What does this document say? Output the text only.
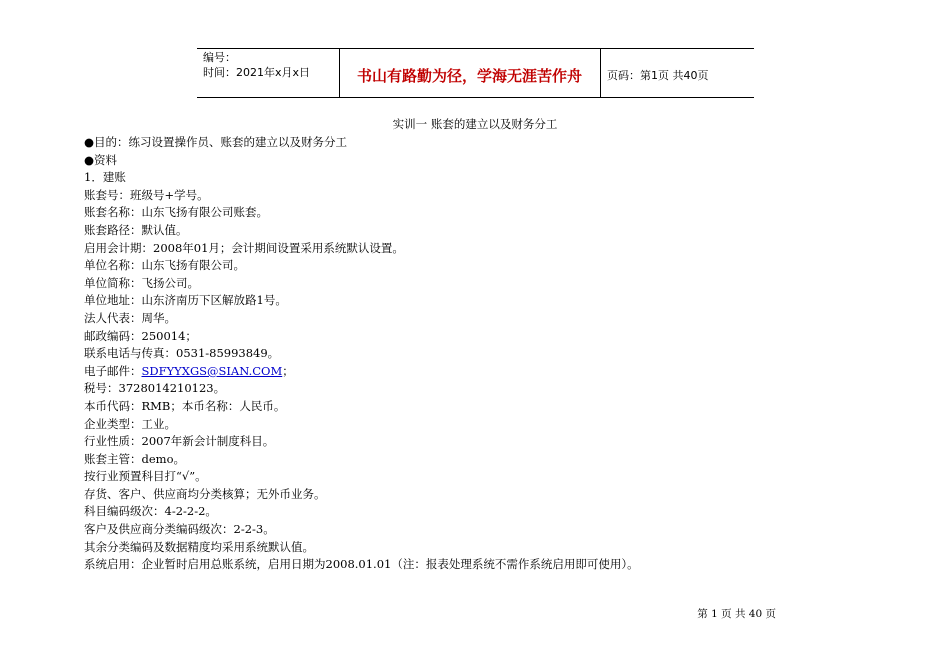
编号：
时间：2021年x月x日	书山有路勤为径，学海无涯苦作舟	页码：第1页 共40页
实训一 账套的建立以及财务分工
●目的：练习设置操作员、账套的建立以及财务分工
●资料
1．建账
账套号：班级号+学号。
账套名称：山东飞扬有限公司账套。
账套路径：默认值。
启用会计期：2008年01月；会计期间设置采用系统默认设置。
单位名称：山东飞扬有限公司。
单位简称：飞扬公司。
单位地址：山东济南历下区解放路1号。
法人代表：周华。
邮政编码：250014；
联系电话与传真：0531-85993849。
电子邮件：SDFYYXGS@SIAN.COM；
税号：3728014210123。
本币代码：RMB；本币名称：人民币。
企业类型：工业。
行业性质：2007年新会计制度科目。
账套主管：demo。
按行业预置科目打“√”。
存货、客户、供应商均分类核算；无外币业务。
科目编码级次：4-2-2-2。
客户及供应商分类编码级次：2-2-3。
其余分类编码及数据精度均采用系统默认值。
系统启用：企业暂时启用总账系统，启用日期为2008.01.01（注：报表处理系统不需作系统启用即可使用）。
第 1 页 共 40 页
